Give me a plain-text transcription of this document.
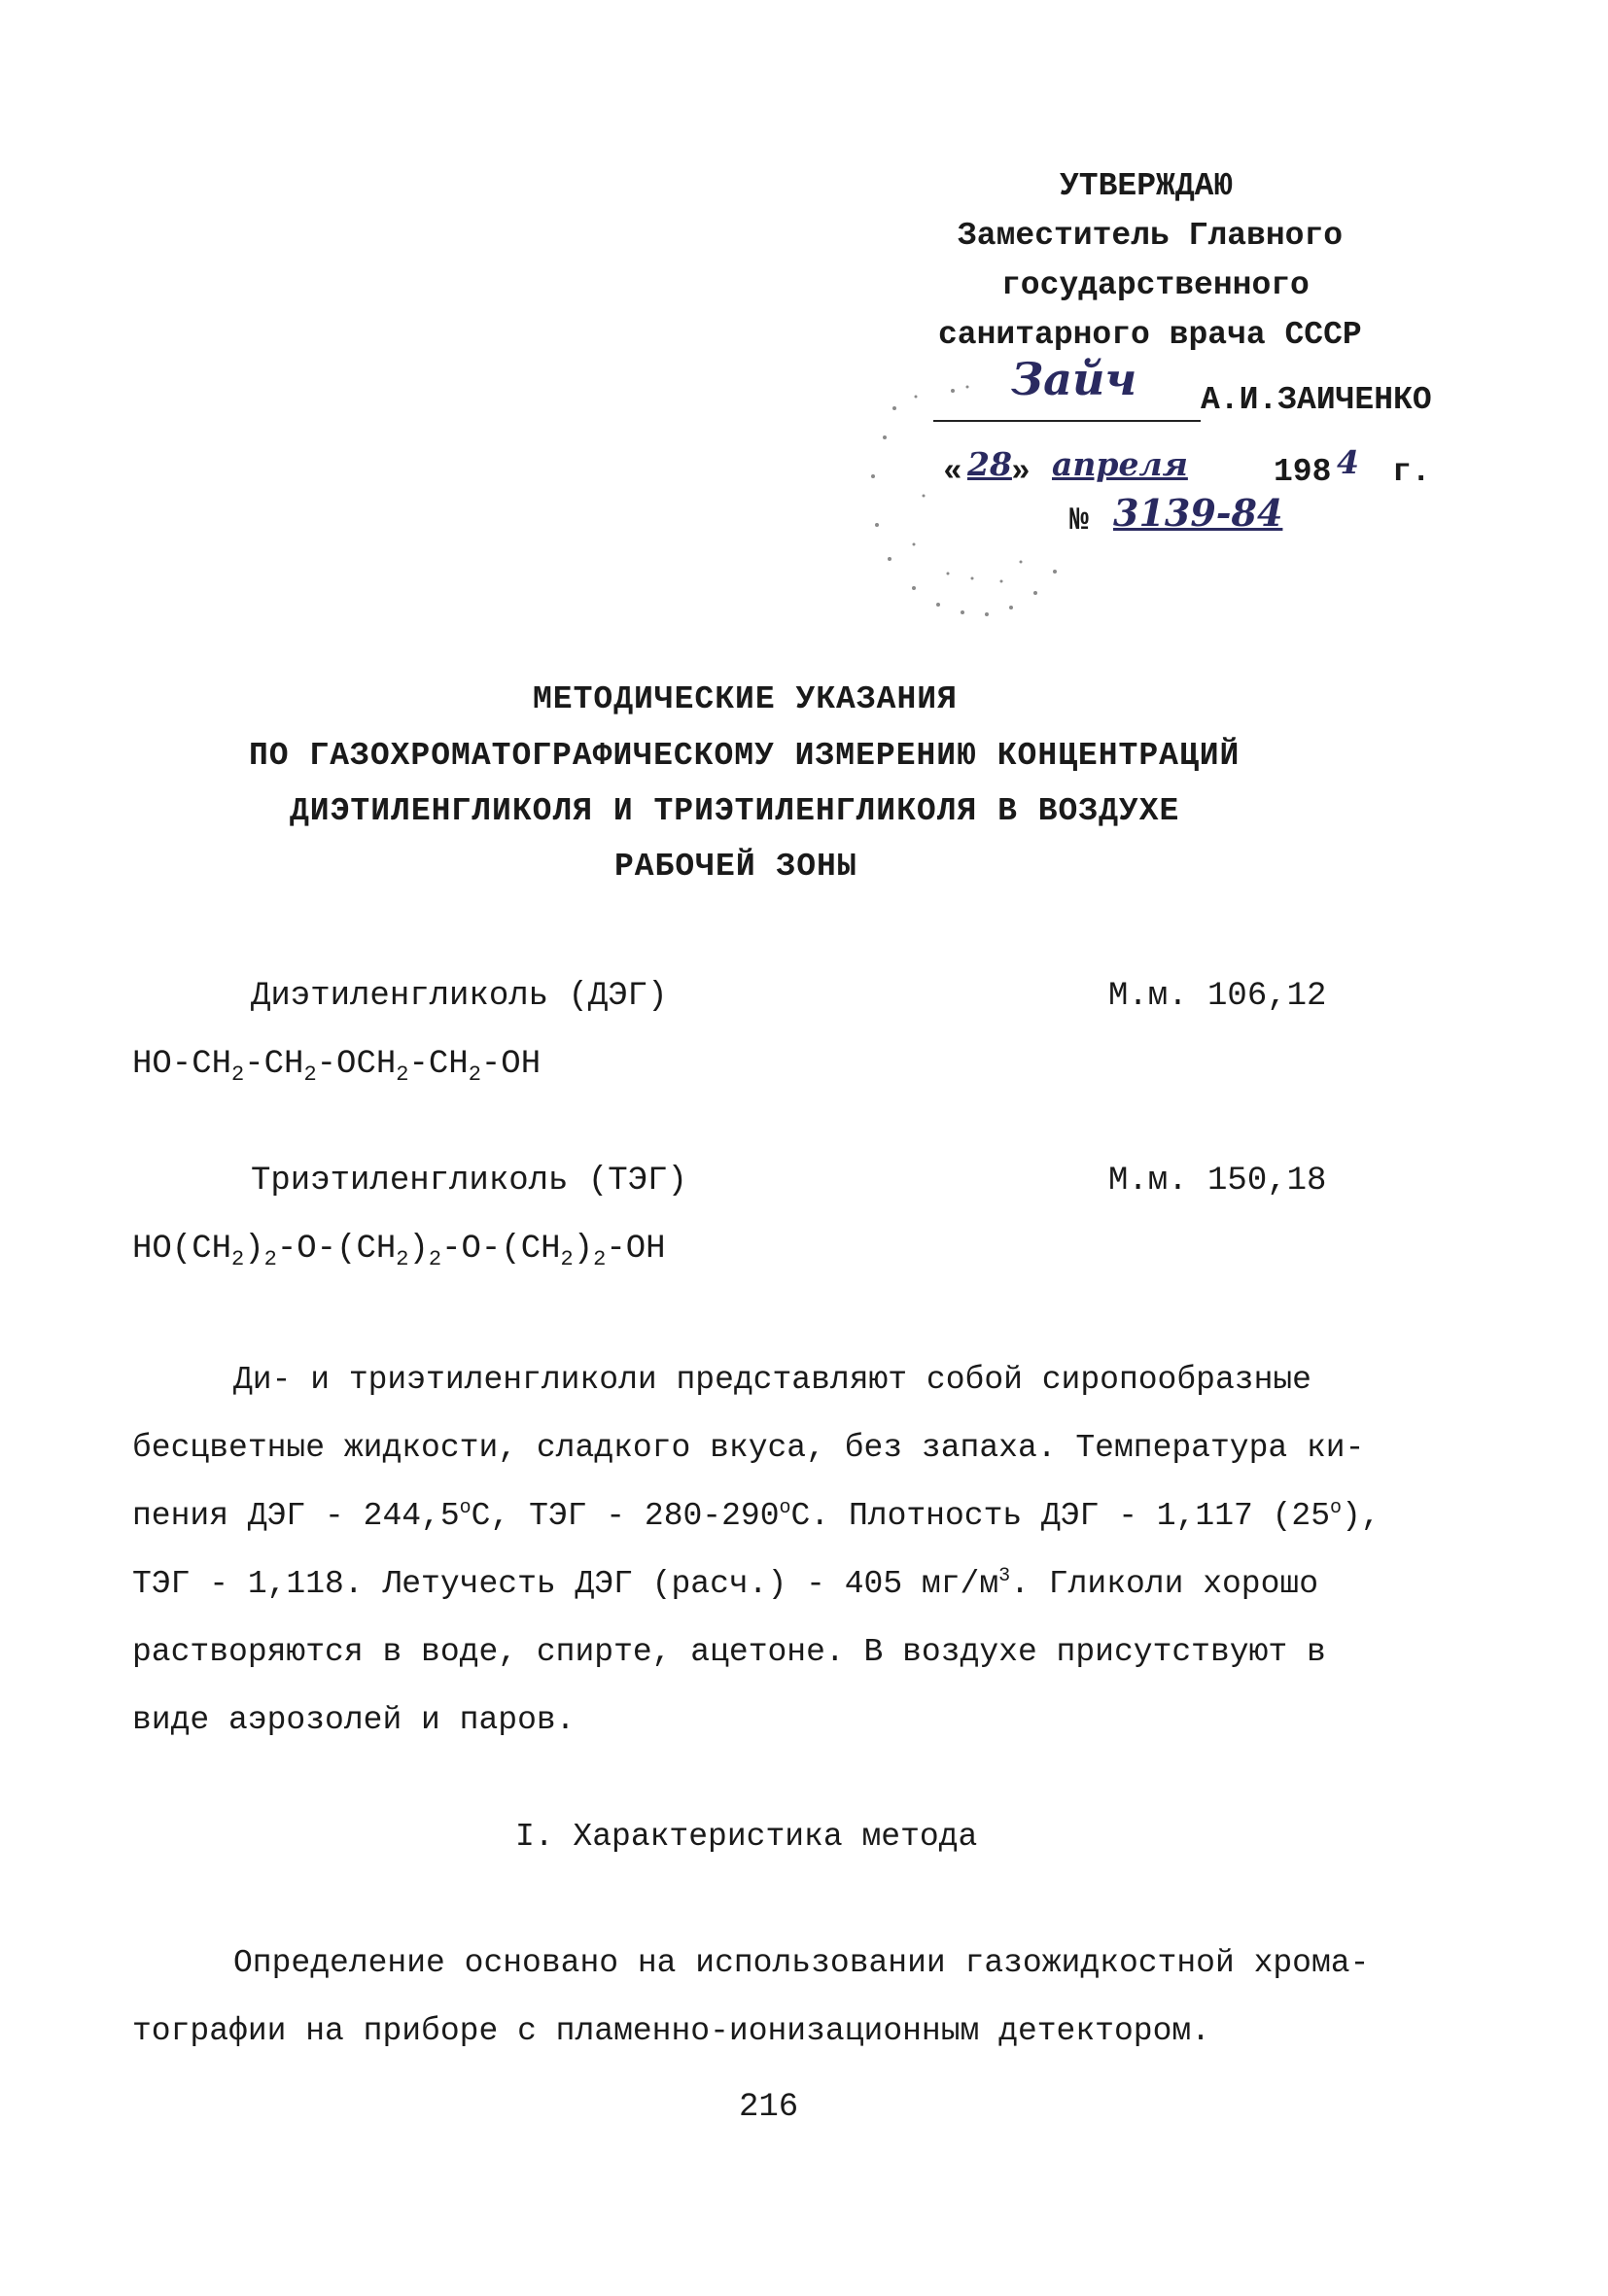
УТВЕРЖДАЮ
Заместитель Главного
государственного
санитарного врача СССР
Зайч А.И.ЗАИЧЕНКО
« 28 » апреля	198 4 г.
№ 3139-84
МЕТОДИЧЕСКИЕ УКАЗАНИЯ
ПО ГАЗОХРОМАТОГРАФИЧЕСКОМУ ИЗМЕРЕНИЮ КОНЦЕНТРАЦИЙ
ДИЭТИЛЕНГЛИКОЛЯ И ТРИЭТИЛЕНГЛИКОЛЯ В ВОЗДУХЕ
РАБОЧЕЙ ЗОНЫ
Диэтиленгликоль (ДЭГ)	М.м. 106,12
$HO-CH_2-CH_2-OCH_2-CH_2-OH$
Триэтиленгликоль (ТЭГ)	М.м. 150,18
$HO(CH_2)_2-O-(CH_2)_2-O-(CH_2)_2-OH$
Ди- и триэтиленгликоли представляют собой сиропообразные
бесцветные жидкости, сладкого вкуса, без запаха. Температура ки-
пения ДЭГ - 244,5$^o$С, ТЭГ - 280-290$^o$С. Плотность ДЭГ - 1,117 (25$^o$),
ТЭГ - 1,118. Летучесть ДЭГ (расч.) - 405 $мг/м^3$. Гликоли хорошо
растворяются в воде, спирте, ацетоне. В воздухе присутствуют в
виде аэрозолей и паров.
I. Характеристика метода
Определение основано на использовании газожидкостной хрома-
тографии на приборе с пламенно-ионизационным детектором.
216
